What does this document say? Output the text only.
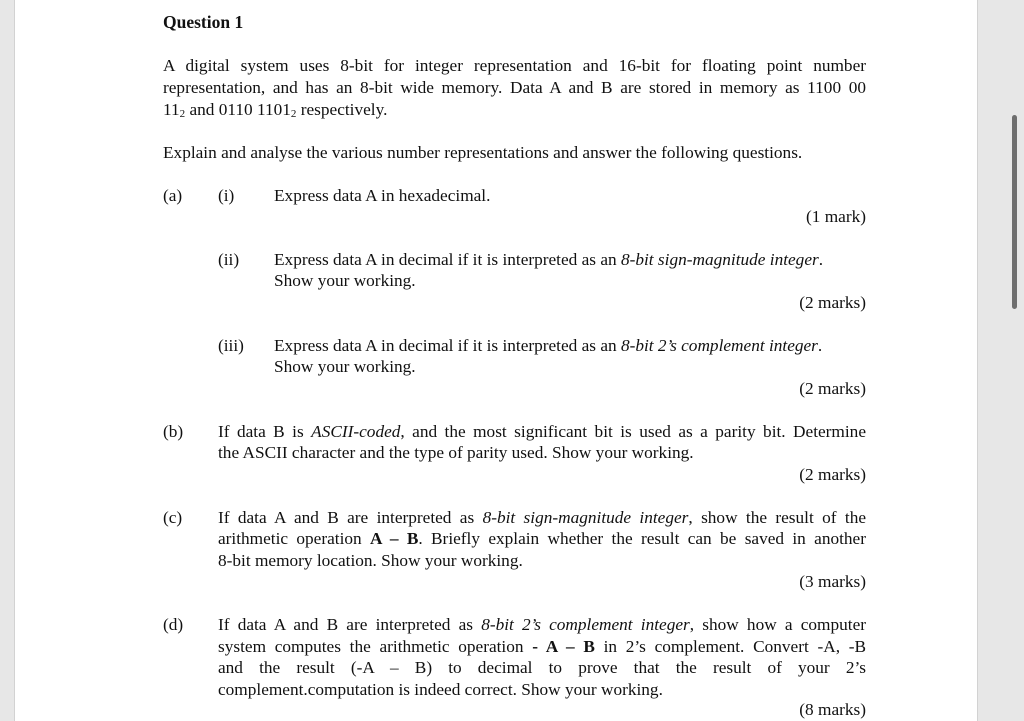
Question 1
A digital system uses 8-bit for integer representation and 16-bit for floating point number
representation, and has an 8-bit wide memory. Data A and B are stored in memory as 1100 00
$11_2$ and 0110 $1101_2$ respectively.
Explain and analyse the various number representations and answer the following questions.
(a) (i) Express data A in hexadecimal.
(1 mark)
(ii) Express data A in decimal if it is interpreted as an 8-bit sign-magnitude integer.
Show your working.
(2 marks)
(iii) Express data A in decimal if it is interpreted as an 8-bit 2’s complement integer.
Show your working.
(2 marks)
(b) If data B is ASCII-coded, and the most significant bit is used as a parity bit. Determine
the ASCII character and the type of parity used. Show your working.
(2 marks)
(c) If data A and B are interpreted as 8-bit sign-magnitude integer, show the result of the
arithmetic operation A – B. Briefly explain whether the result can be saved in another
8-bit memory location. Show your working.
(3 marks)
(d) If data A and B are interpreted as 8-bit 2’s complement integer, show how a computer
system computes the arithmetic operation - A – B in 2’s complement. Convert -A, -B
and the result (-A – B) to decimal to prove that the result of your 2’s
complement.computation is indeed correct. Show your working.
(8 marks)
